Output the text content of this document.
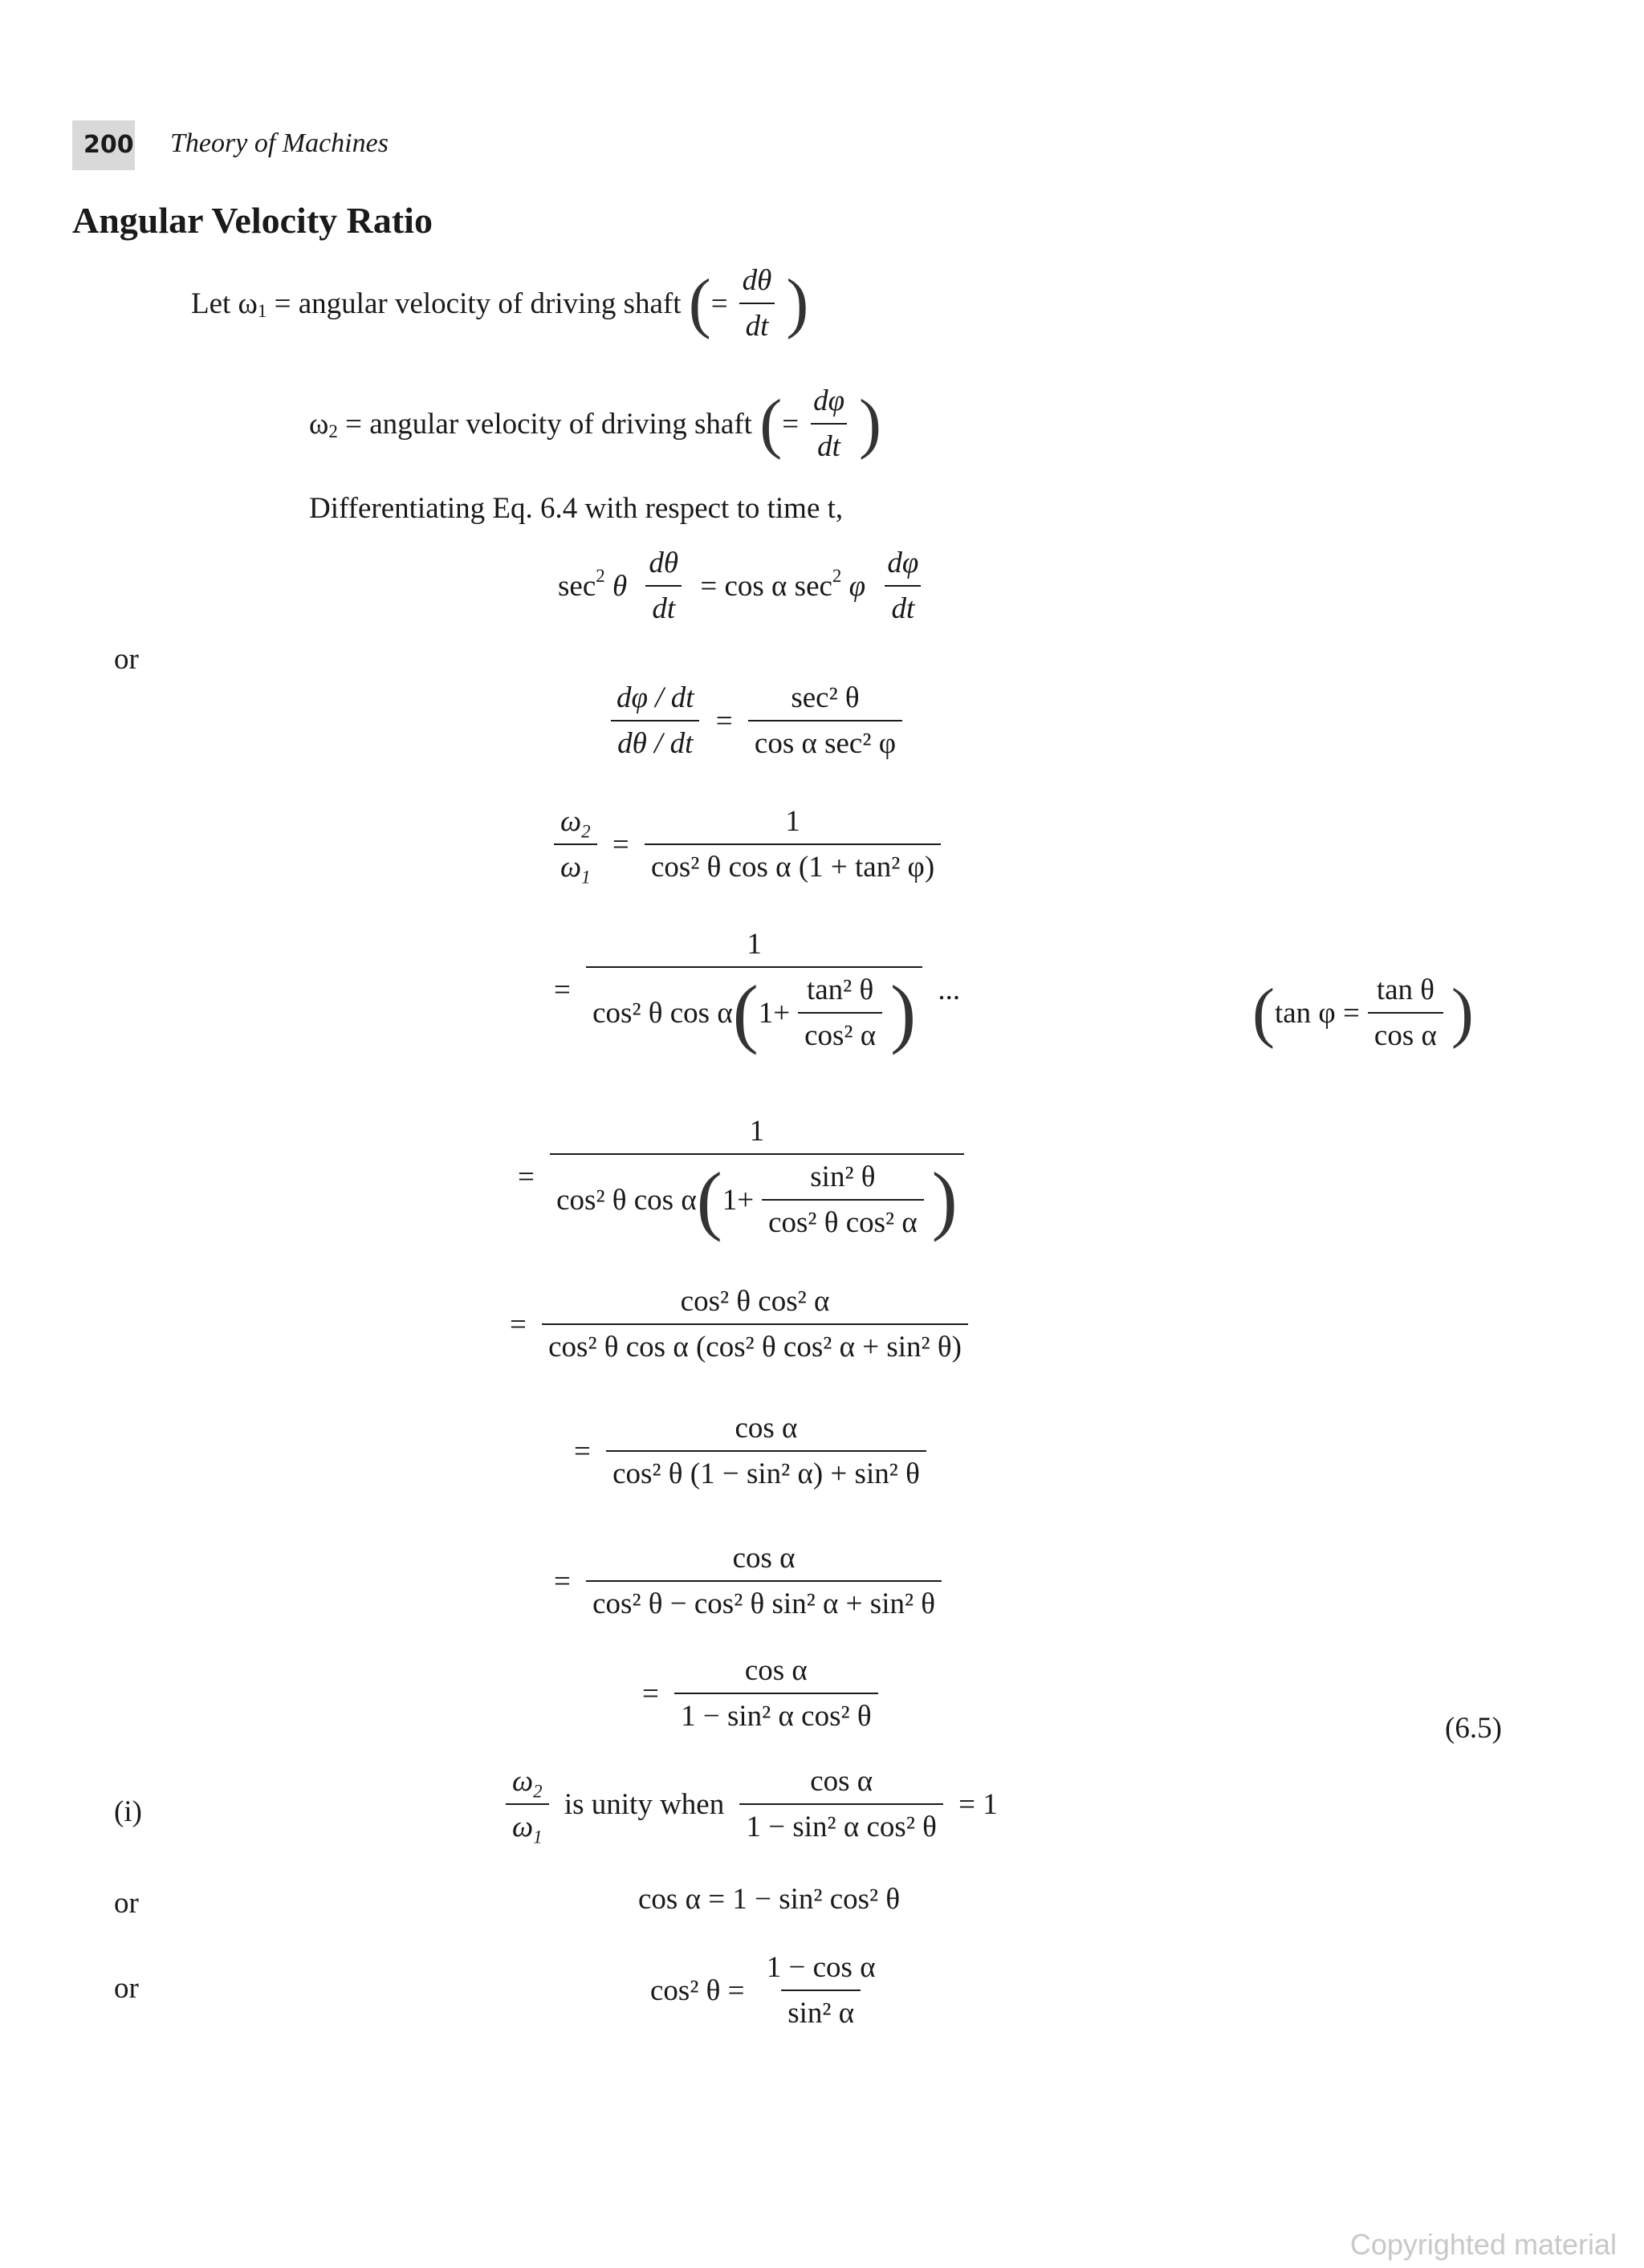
200 Theory of Machines
Angular Velocity Ratio
Let $\omega_1$ = angular velocity of driving shaft (= $\frac{d\theta}{dt}$ )
$\omega_2$ = angular velocity of driving shaft (= $\frac{d\varphi}{dt}$ )
Differentiating Eq. 6.4 with respect to time t,
$\sec^2 \theta \frac{d\theta}{dt} = \cos \alpha$ $\sec^2 \varphi \frac{d\varphi}{dt}$
or
$\frac{d\varphi / dt}{d\theta / dt} = \frac{\text{sec² θ}}{\text{cos α sec² φ}}$
$\frac{\omega_2}{\omega_1} = \frac{1}{\text{cos² θ cos α (1 + tan² φ)}}$
= $\frac{1}{\cos^2 \theta \cos \alpha(1+ \frac{\text{tan² θ}}{\text{cos² α}} )}$ ...	(tan $\varphi = \frac{\text{tan θ}}{\text{cos α}}$ )
= $\frac{1}{\cos^2 \theta \cos \alpha(1+ \frac{\text{sin² θ}}{\text{cos² θ cos² α}} )}$
= $\frac{\text{cos² θ cos² α}}{\text{cos² θ cos α (cos² θ cos² α + sin² θ)}}$
= $\frac{\text{cos α}}{\text{cos² θ (1 − sin² α) + sin² θ}}$
= $\frac{\text{cos α}}{\text{cos² θ − cos² θ sin² α + sin² θ}}$
= $\frac{\text{cos α}}{\text{1 − sin² α cos² θ}}$	(6.5)
(i)	$\frac{\omega_2}{\omega_1}$ is unity when $\frac{\text{cos α}}{\text{1 − sin² α cos² θ}} = 1$
or	cos α = 1 − sin² cos² θ
or	cos² $\theta = \frac{\text{1 − cos α}}{\text{sin² α}}$
Copyrighted material
